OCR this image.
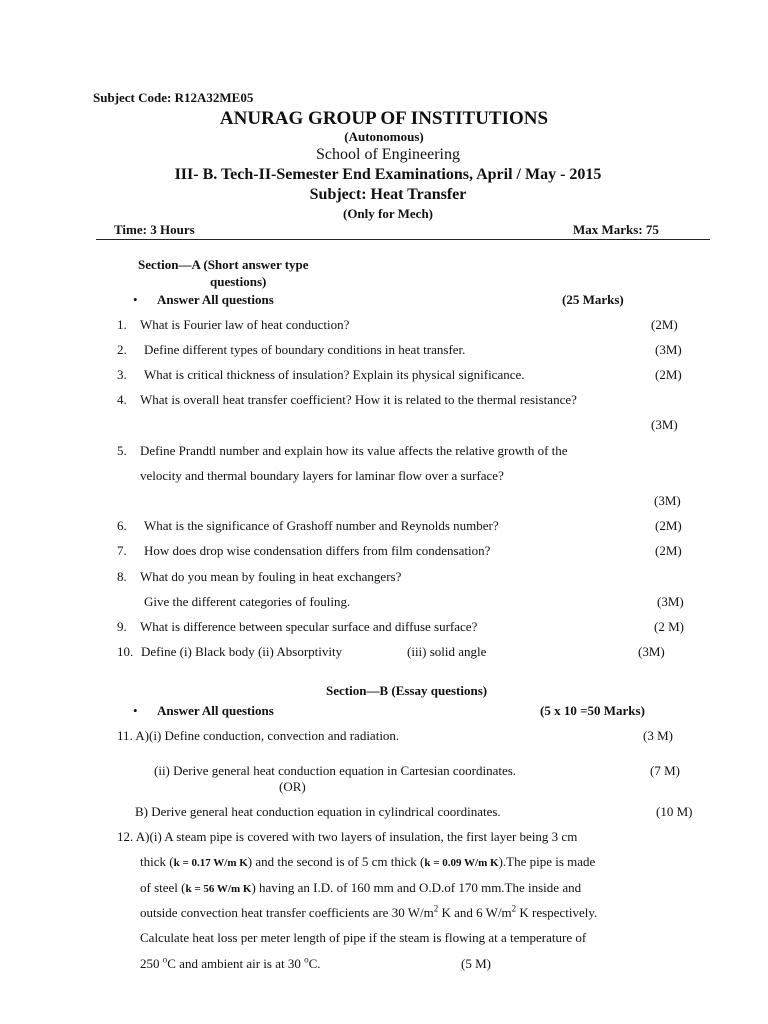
Subject Code: R12A32ME05
ANURAG GROUP OF INSTITUTIONS
(Autonomous)
School of Engineering
III- B. Tech-II-Semester End Examinations, April / May - 2015
Subject: Heat Transfer
(Only for Mech)
Time: 3 Hours	Max Marks: 75
Section—A (Short answer type
questions)
• Answer All questions	(25 Marks)
1. What is Fourier law of heat conduction?	(2M)
2. Define different types of boundary conditions in heat transfer.	(3M)
3. What is critical thickness of insulation? Explain its physical significance.	(2M)
4. What is overall heat transfer coefficient? How it is related to the thermal resistance?
(3M)
5. Define Prandtl number and explain how its value affects the relative growth of the
velocity and thermal boundary layers for laminar flow over a surface?
(3M)
6. What is the significance of Grashoff number and Reynolds number?	(2M)
7. How does drop wise condensation differs from film condensation?	(2M)
8. What do you mean by fouling in heat exchangers?
Give the different categories of fouling.	(3M)
9. What is difference between specular surface and diffuse surface?	(2 M)
10. Define (i) Black body (ii) Absorptivity	(iii) solid angle	(3M)
Section—B (Essay questions)
• Answer All questions	(5 x 10 =50 Marks)
11. A)(i) Define conduction, convection and radiation.	(3 M)
(ii) Derive general heat conduction equation in Cartesian coordinates.	(7 M)
(OR)
B) Derive general heat conduction equation in cylindrical coordinates.	(10 M)
12. A)(i) A steam pipe is covered with two layers of insulation, the first layer being 3 cm
thick (k = 0.17 W/m K) and the second is of 5 cm thick (k = 0.09 W/m K).The pipe is made
of steel (k = 56 W/m K) having an I.D. of 160 mm and O.D.of 170 mm.The inside and
outside convection heat transfer coefficients are 30 $W/m^2$ K and 6 $W/m^2$ K respectively.
Calculate heat loss per meter length of pipe if the steam is flowing at a temperature of
250 $^o$C and ambient air is at 30 $^o$C.	(5 M)
